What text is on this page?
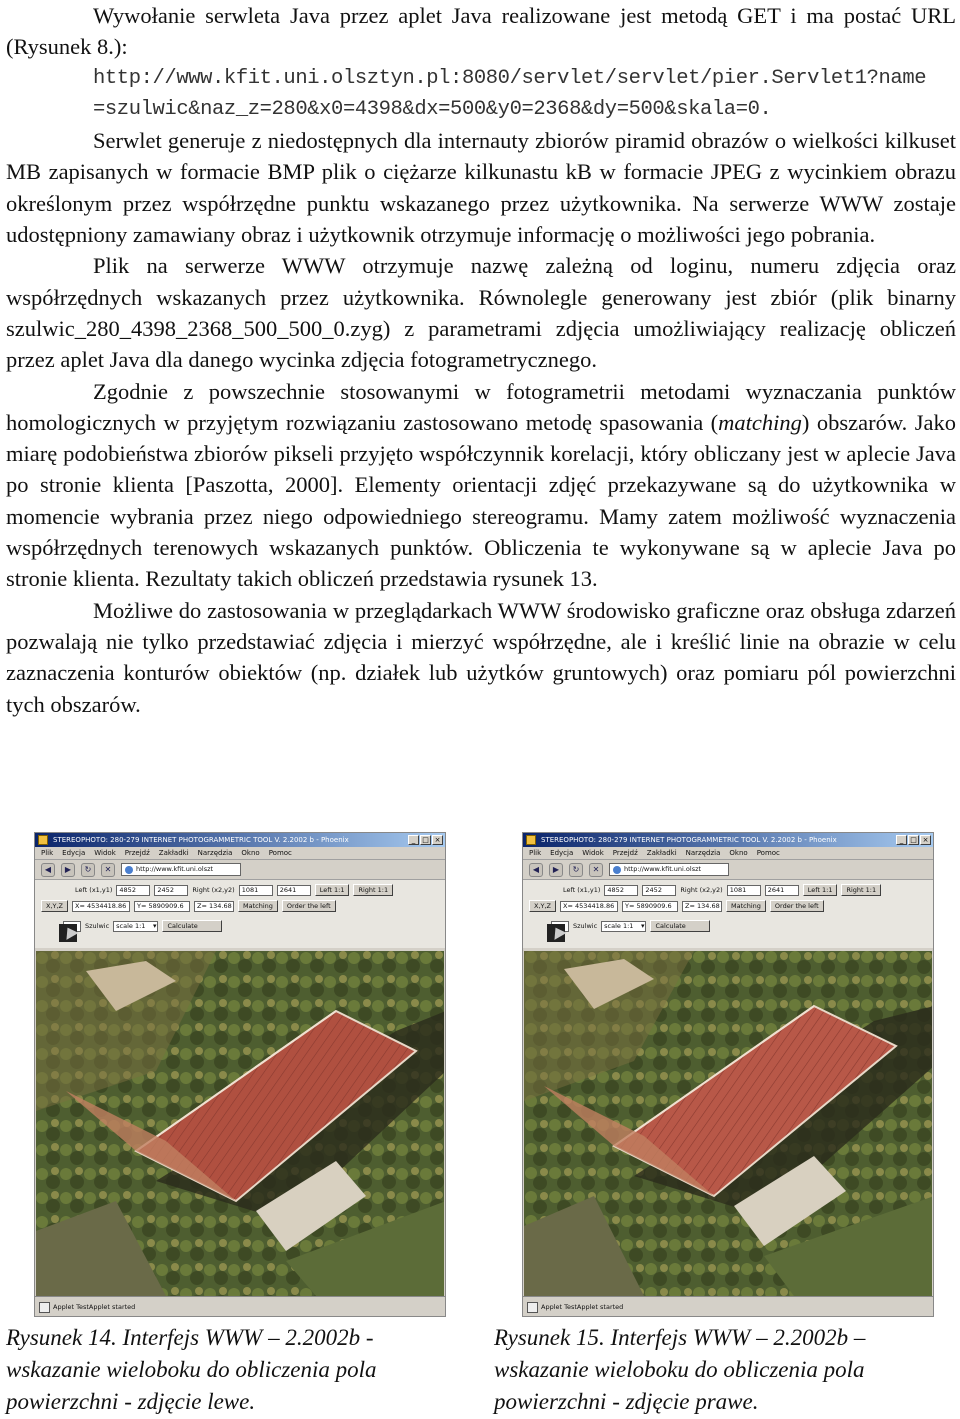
Wywołanie serwleta Java przez aplet Java realizowane jest metodą GET i ma postać URL (Rysunek 8.):
http://www.kfit.uni.olsztyn.pl:8080/servlet/servlet/pier.Servlet1?name
=szulwic&naz_z=280&x0=4398&dx=500&y0=2368&dy=500&skala=0.

Serwlet generuje z niedostępnych dla internauty zbiorów piramid obrazów o wielkości kilkuset MB zapisanych w formacie BMP plik o ciężarze kilkunastu kB w formacie JPEG z wycinkiem obrazu określonym przez współrzędne punktu wskazanego przez użytkownika. Na serwerze WWW zostaje udostępniony zamawiany obraz i użytkownik otrzymuje informację o możliwości jego pobrania.

Plik na serwerze WWW otrzymuje nazwę zależną od loginu, numeru zdjęcia oraz współrzędnych wskazanych przez użytkownika. Równolegle generowany jest zbiór (plik binarny szulwic_280_4398_2368_500_500_0.zyg) z parametrami zdjęcia umożliwiający realizację obliczeń przez aplet Java dla danego wycinka zdjęcia fotogrametrycznego.

Zgodnie z powszechnie stosowanymi w fotogrametrii metodami wyznaczania punktów homologicznych w przyjętym rozwiązaniu zastosowano metodę spasowania (matching) obszarów. Jako miarę podobieństwa zbiorów pikseli przyjęto współczynnik korelacji, który obliczany jest w aplecie Java po stronie klienta [Paszotta, 2000]. Elementy orientacji zdjęć przekazywane są do użytkownika w momencie wybrania przez niego odpowiedniego stereogramu. Mamy zatem możliwość wyznaczenia współrzędnych terenowych wskazanych punktów. Obliczenia te wykonywane są w aplecie Java po stronie klienta. Rezultaty takich obliczeń przedstawia rysunek 13.

Możliwe do zastosowania w przeglądarkach WWW środowisko graficzne oraz obsługa zdarzeń pozwalają nie tylko przedstawiać zdjęcia i mierzyć współrzędne, ale i kreślić linie na obrazie w celu zaznaczenia konturów obiektów (np. działek lub użytków gruntowych) oraz pomiaru pól powierzchni tych obszarów.

STEREOPHOTO: 280-279 INTERNET PHOTOGRAMMETRIC TOOL V. 2.2002 b - Phoenix	_ □ ×
Plik Edycja Widok Przejdź Zakładki Narzędzia Okno Pomoc
◀	▶	↻	✕	http://www.kfit.uni.olszt
Left (x1,y1)	4852	2452	Right (x2,y2)	1081	2641	Left 1:1	Right 1:1
X,Y,Z	X= 4534418.86	Y= 5890909.6	Z= 134.68	Matching	Order the left
Szulwic	scale 1:1 ▾	Calculate
Applet TestApplet started
STEREOPHOTO: 280-279 INTERNET PHOTOGRAMMETRIC TOOL V. 2.2002 b - Phoenix	_ □ ×
Plik Edycja Widok Przejdź Zakładki Narzędzia Okno Pomoc
◀	▶	↻	✕	http://www.kfit.uni.olszt
Left (x1,y1)	4852	2452	Right (x2,y2)	1081	2641	Left 1:1	Right 1:1
X,Y,Z	X= 4534418.86	Y= 5890909.6	Z= 134.68	Matching	Order the left
Szulwic	scale 1:1 ▾	Calculate
Applet TestApplet started

Rysunek 14. Interfejs WWW – 2.2002b - wskazanie wieloboku do obliczenia pola powierzchni - zdjęcie lewe.

Rysunek 15. Interfejs WWW – 2.2002b – wskazanie wieloboku do obliczenia pola powierzchni - zdjęcie prawe.
